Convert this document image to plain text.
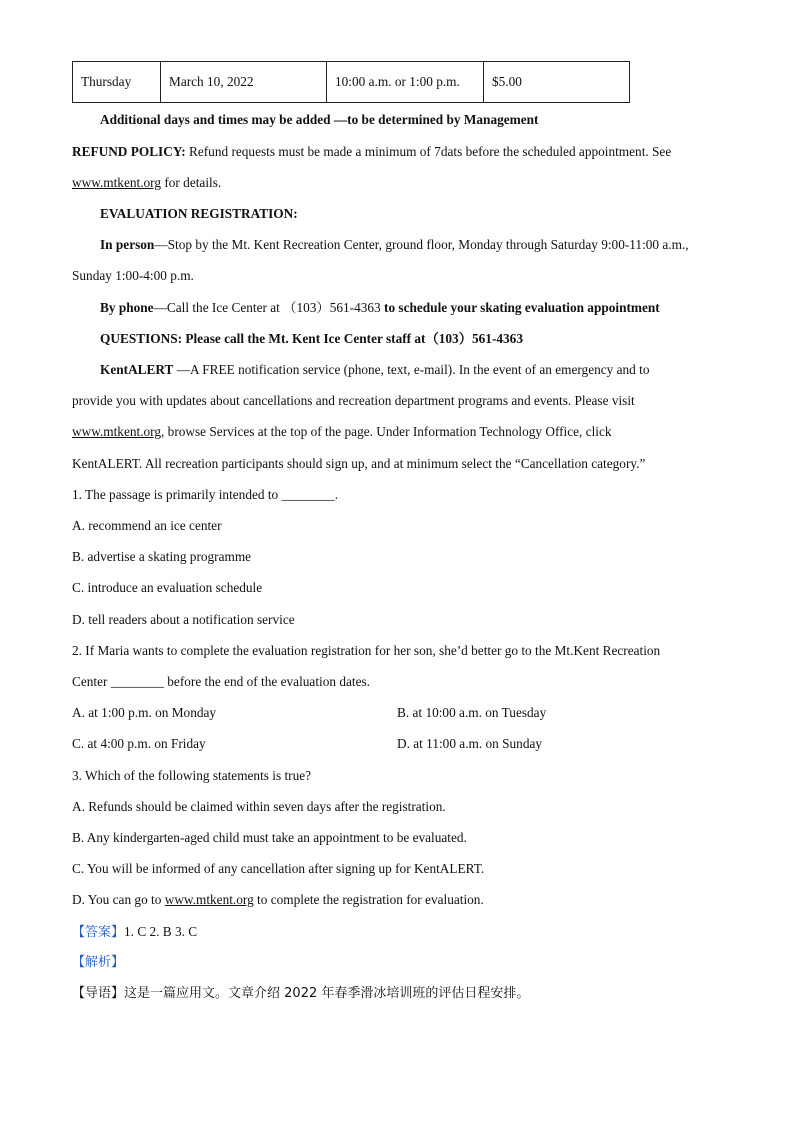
Thursday	March 10, 2022	10:00 a.m. or 1:00 p.m.	$5.00
Additional days and times may be added —to be determined by Management
REFUND POLICY: Refund requests must be made a minimum of 7dats before the scheduled appointment. See
www.mtkent.org for details.
EVALUATION REGISTRATION:
In person—Stop by the Mt. Kent Recreation Center, ground floor, Monday through Saturday 9:00-11:00 a.m.,
Sunday 1:00-4:00 p.m.
By phone—Call the Ice Center at （103）561-4363 to schedule your skating evaluation appointment
QUESTIONS: Please call the Mt. Kent Ice Center staff at（103）561-4363
KentALERT —A FREE notification service (phone, text, e-mail). In the event of an emergency and to
provide you with updates about cancellations and recreation department programs and events. Please visit
www.mtkent.org, browse Services at the top of the page. Under Information Technology Office, click
KentALERT. All recreation participants should sign up, and at minimum select the “Cancellation category.”
1. The passage is primarily intended to ________.
A. recommend an ice center
B. advertise a skating programme
C. introduce an evaluation schedule
D. tell readers about a notification service
2. If Maria wants to complete the evaluation registration for her son, she’d better go to the Mt.Kent Recreation
Center ________ before the end of the evaluation dates.
A. at 1:00 p.m. on Monday	B. at 10:00 a.m. on Tuesday
C. at 4:00 p.m. on Friday	D. at 11:00 a.m. on Sunday
3. Which of the following statements is true?
A. Refunds should be claimed within seven days after the registration.
B. Any kindergarten-aged child must take an appointment to be evaluated.
C. You will be informed of any cancellation after signing up for KentALERT.
D. You can go to www.mtkent.org to complete the registration for evaluation.
【答案】1. C 2. B 3. C
【解析】
【导语】这是一篇应用文。文章介绍 2022 年春季滑冰培训班的评估日程安排。
